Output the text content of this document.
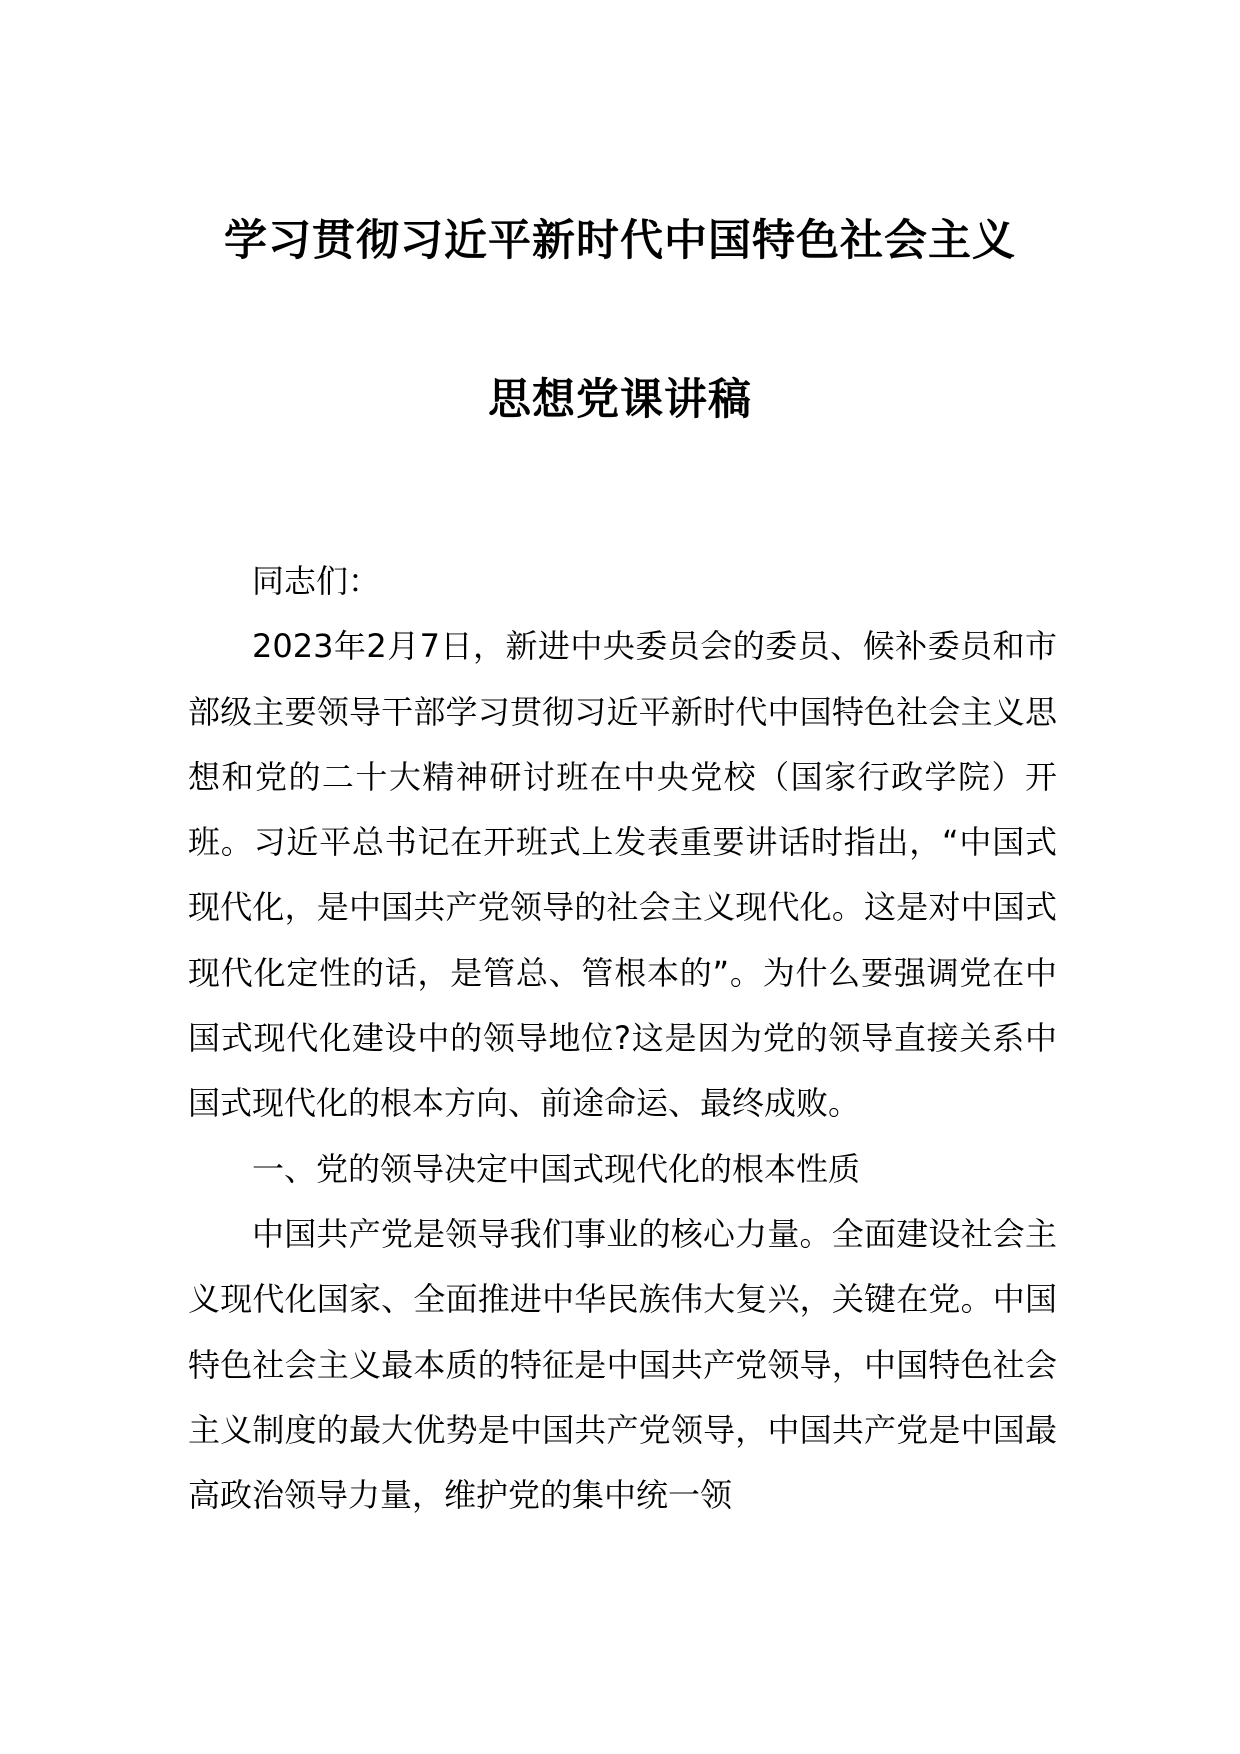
学习贯彻习近平新时代中国特色社会主义
思想党课讲稿

同志们：

2023年2月7日，新进中央委员会的委员、候补委员和市部级主要领导干部学习贯彻习近平新时代中国特色社会主义思想和党的二十大精神研讨班在中央党校（国家行政学院）开班。习近平总书记在开班式上发表重要讲话时指出，“中国式现代化，是中国共产党领导的社会主义现代化。这是对中国式现代化定性的话，是管总、管根本的”。为什么要强调党在中国式现代化建设中的领导地位?这是因为党的领导直接关系中国式现代化的根本方向、前途命运、最终成败。

一、党的领导决定中国式现代化的根本性质

中国共产党是领导我们事业的核心力量。全面建设社会主义现代化国家、全面推进中华民族伟大复兴，关键在党。中国特色社会主义最本质的特征是中国共产党领导，中国特色社会主义制度的最大优势是中国共产党领导，中国共产党是中国最高政治领导力量，维护党的集中统一领
